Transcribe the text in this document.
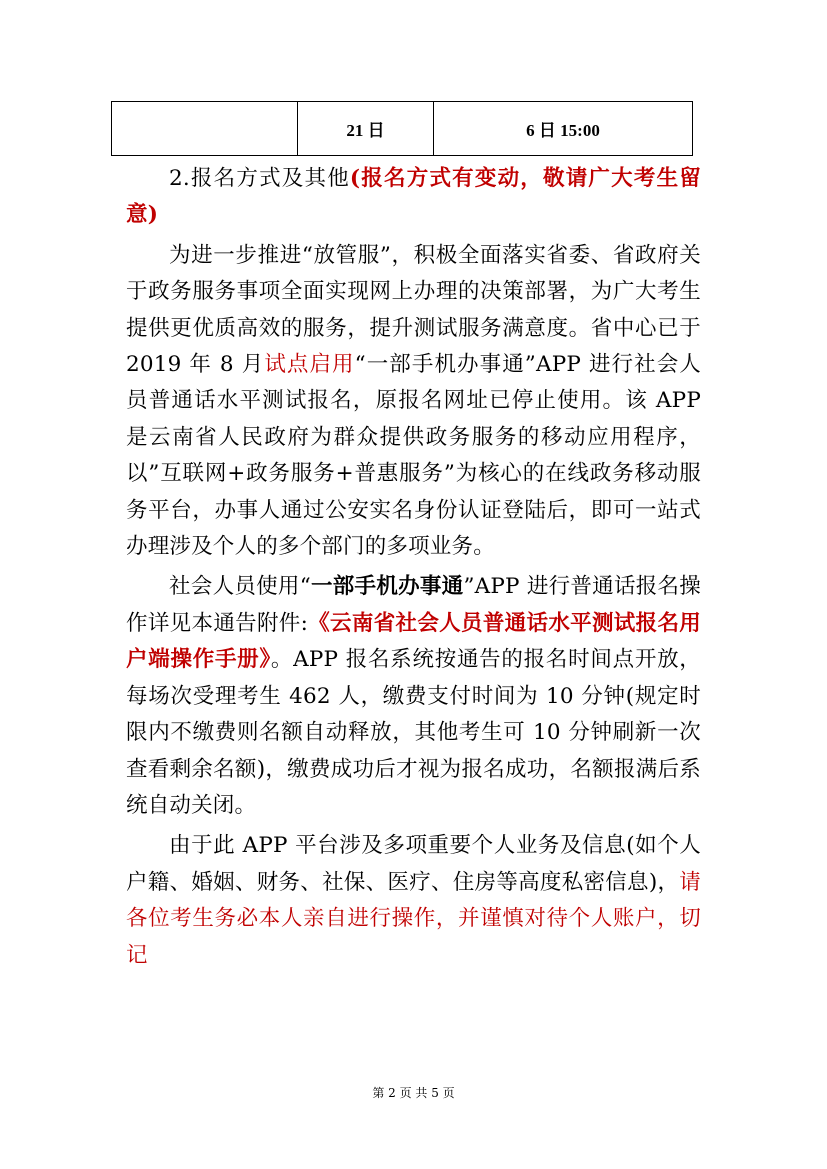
	21 日	6 日 15:00

2.报名方式及其他(报名方式有变动，敬请广大考生留意)

为进一步推进“放管服”，积极全面落实省委、省政府关于政务服务事项全面实现网上办理的决策部署，为广大考生提供更优质高效的服务，提升测试服务满意度。省中心已于 2019 年 8 月试点启用“一部手机办事通”APP 进行社会人员普通话水平测试报名，原报名网址已停止使用。该 APP 是云南省人民政府为群众提供政务服务的移动应用程序，以”互联网+政务服务+普惠服务”为核心的在线政务移动服务平台，办事人通过公安实名身份认证登陆后，即可一站式办理涉及个人的多个部门的多项业务。

社会人员使用“一部手机办事通”APP 进行普通话报名操作详见本通告附件:《云南省社会人员普通话水平测试报名用户端操作手册》。APP 报名系统按通告的报名时间点开放，每场次受理考生 462 人，缴费支付时间为 10 分钟(规定时限内不缴费则名额自动释放，其他考生可 10 分钟刷新一次查看剩余名额)，缴费成功后才视为报名成功，名额报满后系统自动关闭。

由于此 APP 平台涉及多项重要个人业务及信息(如个人户籍、婚姻、财务、社保、医疗、住房等高度私密信息)，请各位考生务必本人亲自进行操作，并谨慎对待个人账户，切记

第 2 页 共 5 页
